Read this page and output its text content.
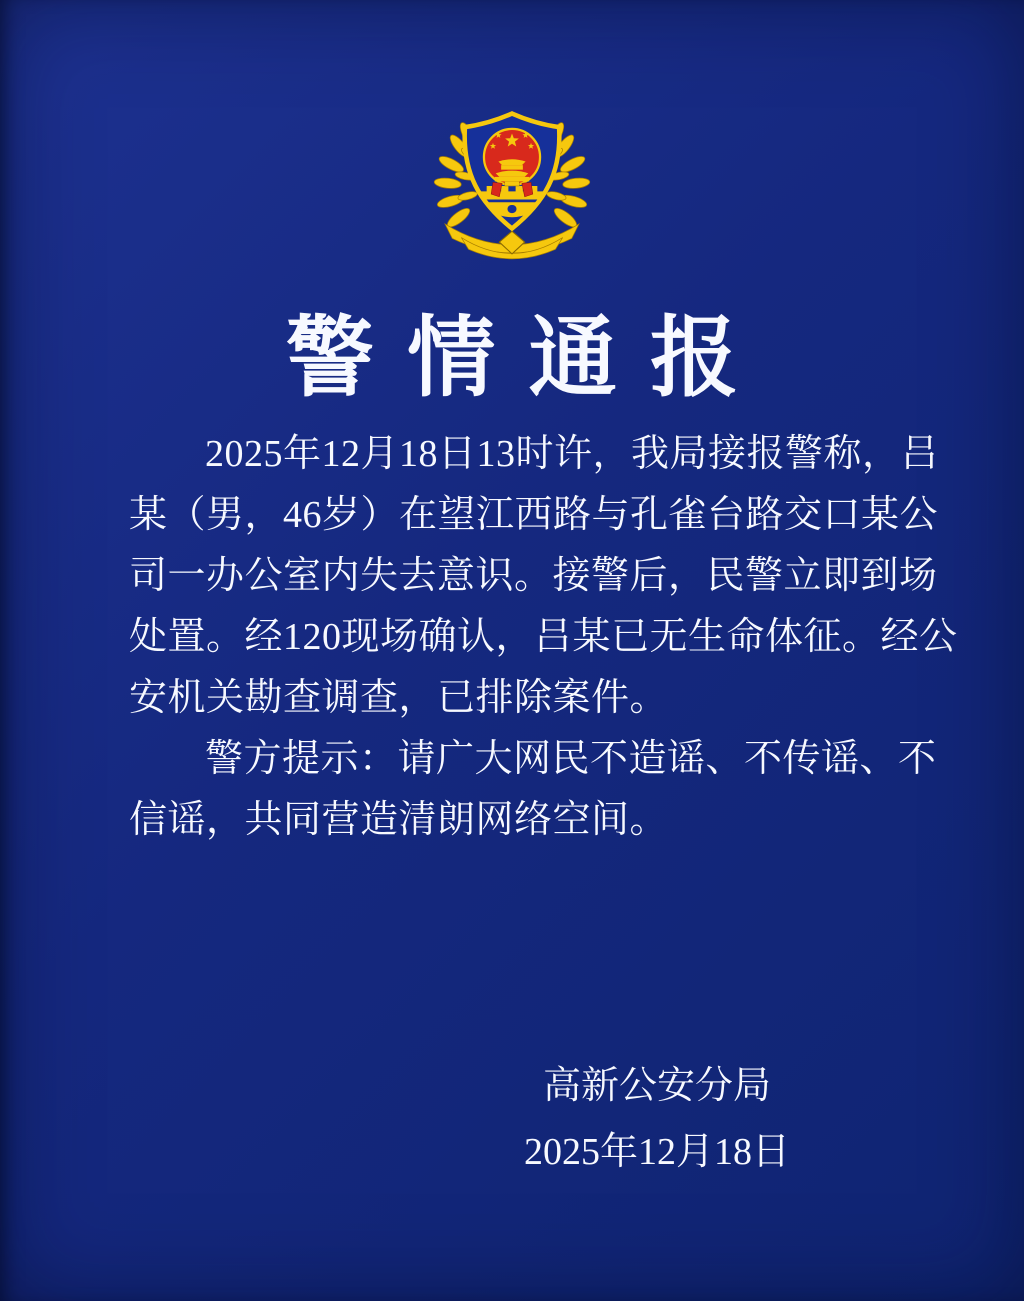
警情通报
2025年12月18日13时许，我局接报警称，吕
某（男，46岁）在望江西路与孔雀台路交口某公
司一办公室内失去意识。接警后，民警立即到场
处置。经120现场确认，吕某已无生命体征。经公
安机关勘查调查，已排除案件。
警方提示：请广大网民不造谣、不传谣、不
信谣，共同营造清朗网络空间。
高新公安分局
2025年12月18日
